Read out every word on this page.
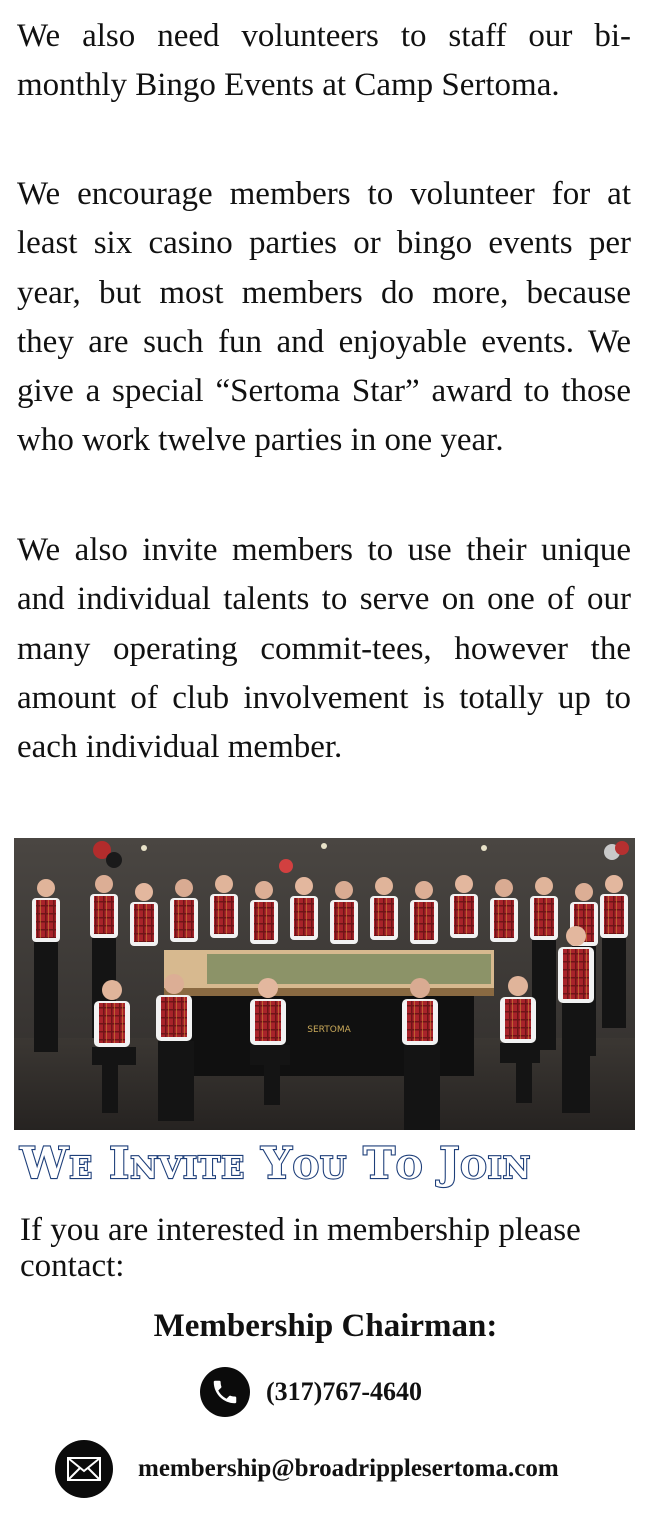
We also need volunteers to staff our bi-monthly Bingo Events at Camp Sertoma.

We encourage members to volunteer for at least six casino parties or bingo events per year, but most members do more, because they are such fun and enjoyable events. We give a special “Sertoma Star” award to those who work twelve parties in one year.

We also invite members to use their unique and individual talents to serve on one of our many operating commit-tees, however the amount of club involvement is totally up to each individual member.

SERTOMA
We Invite You To Join

If you are interested in membership please contact:

Membership Chairman:

(317)767-4640
membership@broadripplesertoma.com
